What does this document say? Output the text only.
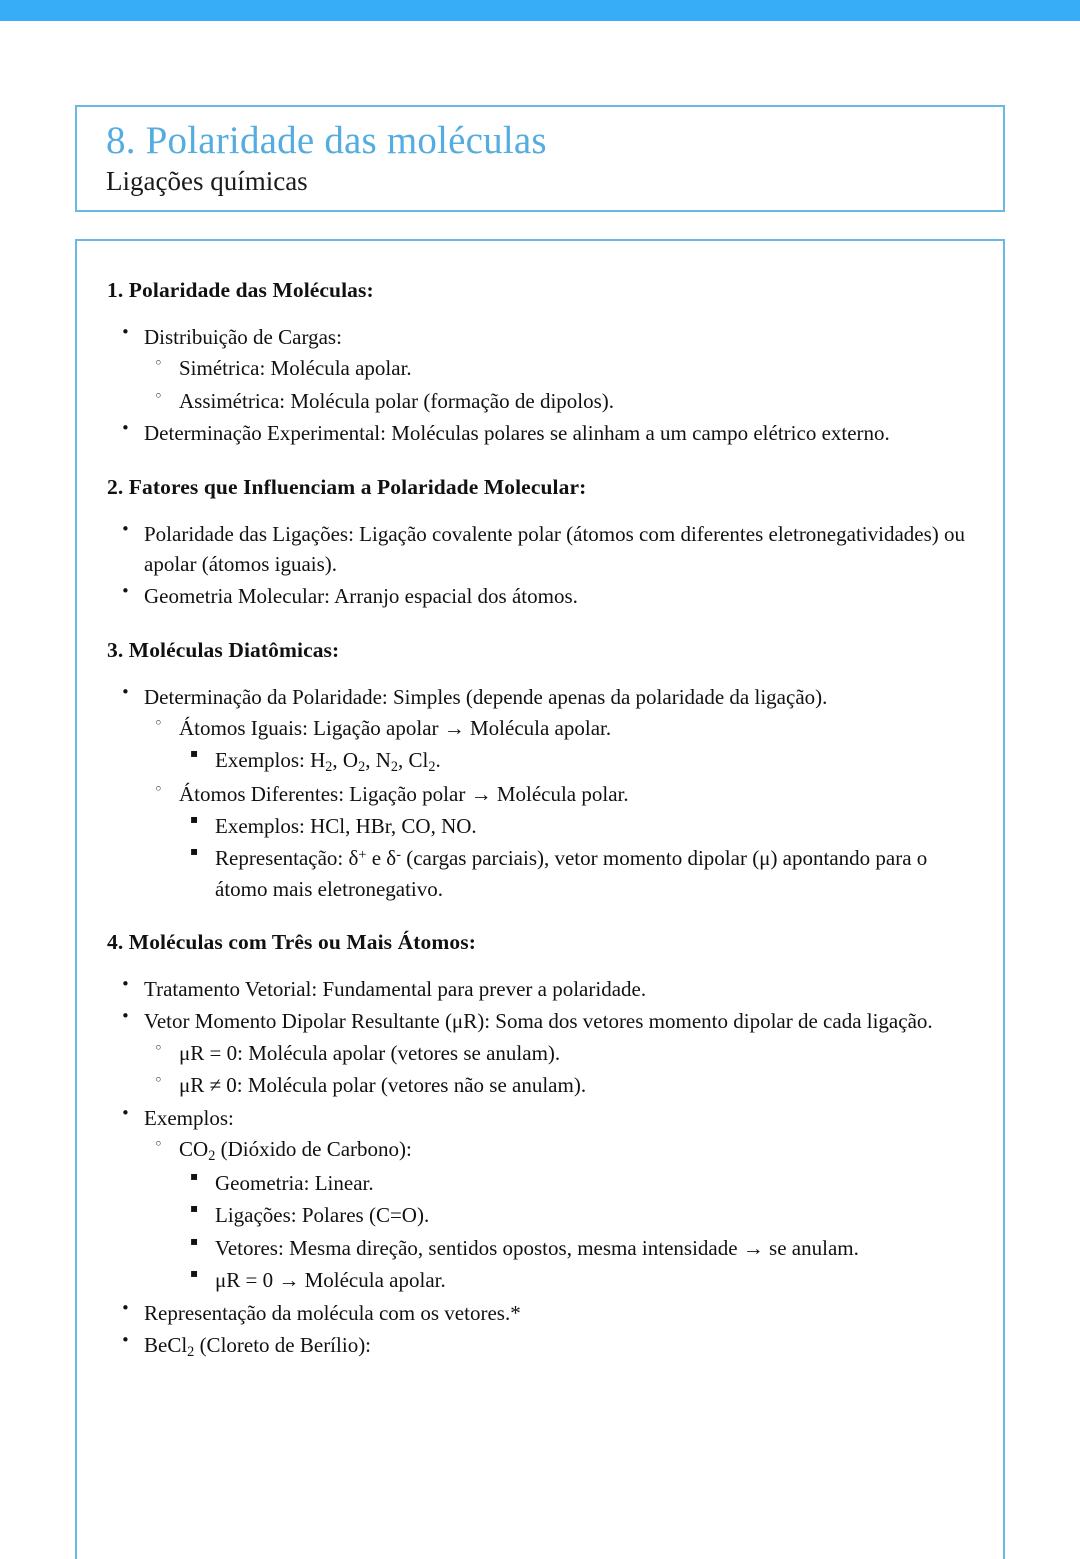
8. Polaridade das moléculas
Ligações químicas
1. Polaridade das Moléculas:
• Distribuição de Cargas:
◦ Simétrica: Molécula apolar.
◦ Assimétrica: Molécula polar (formação de dipolos).
• Determinação Experimental: Moléculas polares se alinham a um campo elétrico externo.
2. Fatores que Influenciam a Polaridade Molecular:
• Polaridade das Ligações: Ligação covalente polar (átomos com diferentes eletronegatividades) ou apolar (átomos iguais).
• Geometria Molecular: Arranjo espacial dos átomos.
3. Moléculas Diatômicas:
• Determinação da Polaridade: Simples (depende apenas da polaridade da ligação).
◦ Átomos Iguais: Ligação apolar → Molécula apolar.
▪ Exemplos: $H_2$, $O_2$, $N_2$, $Cl_2$.
◦ Átomos Diferentes: Ligação polar → Molécula polar.
▪ Exemplos: HCl, HBr, CO, NO.
▪ Representação: δ+ e δ- (cargas parciais), vetor momento dipolar (μ) apontando para o átomo mais eletronegativo.
4. Moléculas com Três ou Mais Átomos:
• Tratamento Vetorial: Fundamental para prever a polaridade.
• Vetor Momento Dipolar Resultante (μR): Soma dos vetores momento dipolar de cada ligação.
◦ μR = 0: Molécula apolar (vetores se anulam).
◦ μR ≠ 0: Molécula polar (vetores não se anulam).
• Exemplos:
◦ $CO_2$ (Dióxido de Carbono):
▪ Geometria: Linear.
▪ Ligações: Polares (C=O).
▪ Vetores: Mesma direção, sentidos opostos, mesma intensidade → se anulam.
▪ μR = 0 → Molécula apolar.
• Representação da molécula com os vetores.*
• BeCl$_2$ (Cloreto de Berílio):
